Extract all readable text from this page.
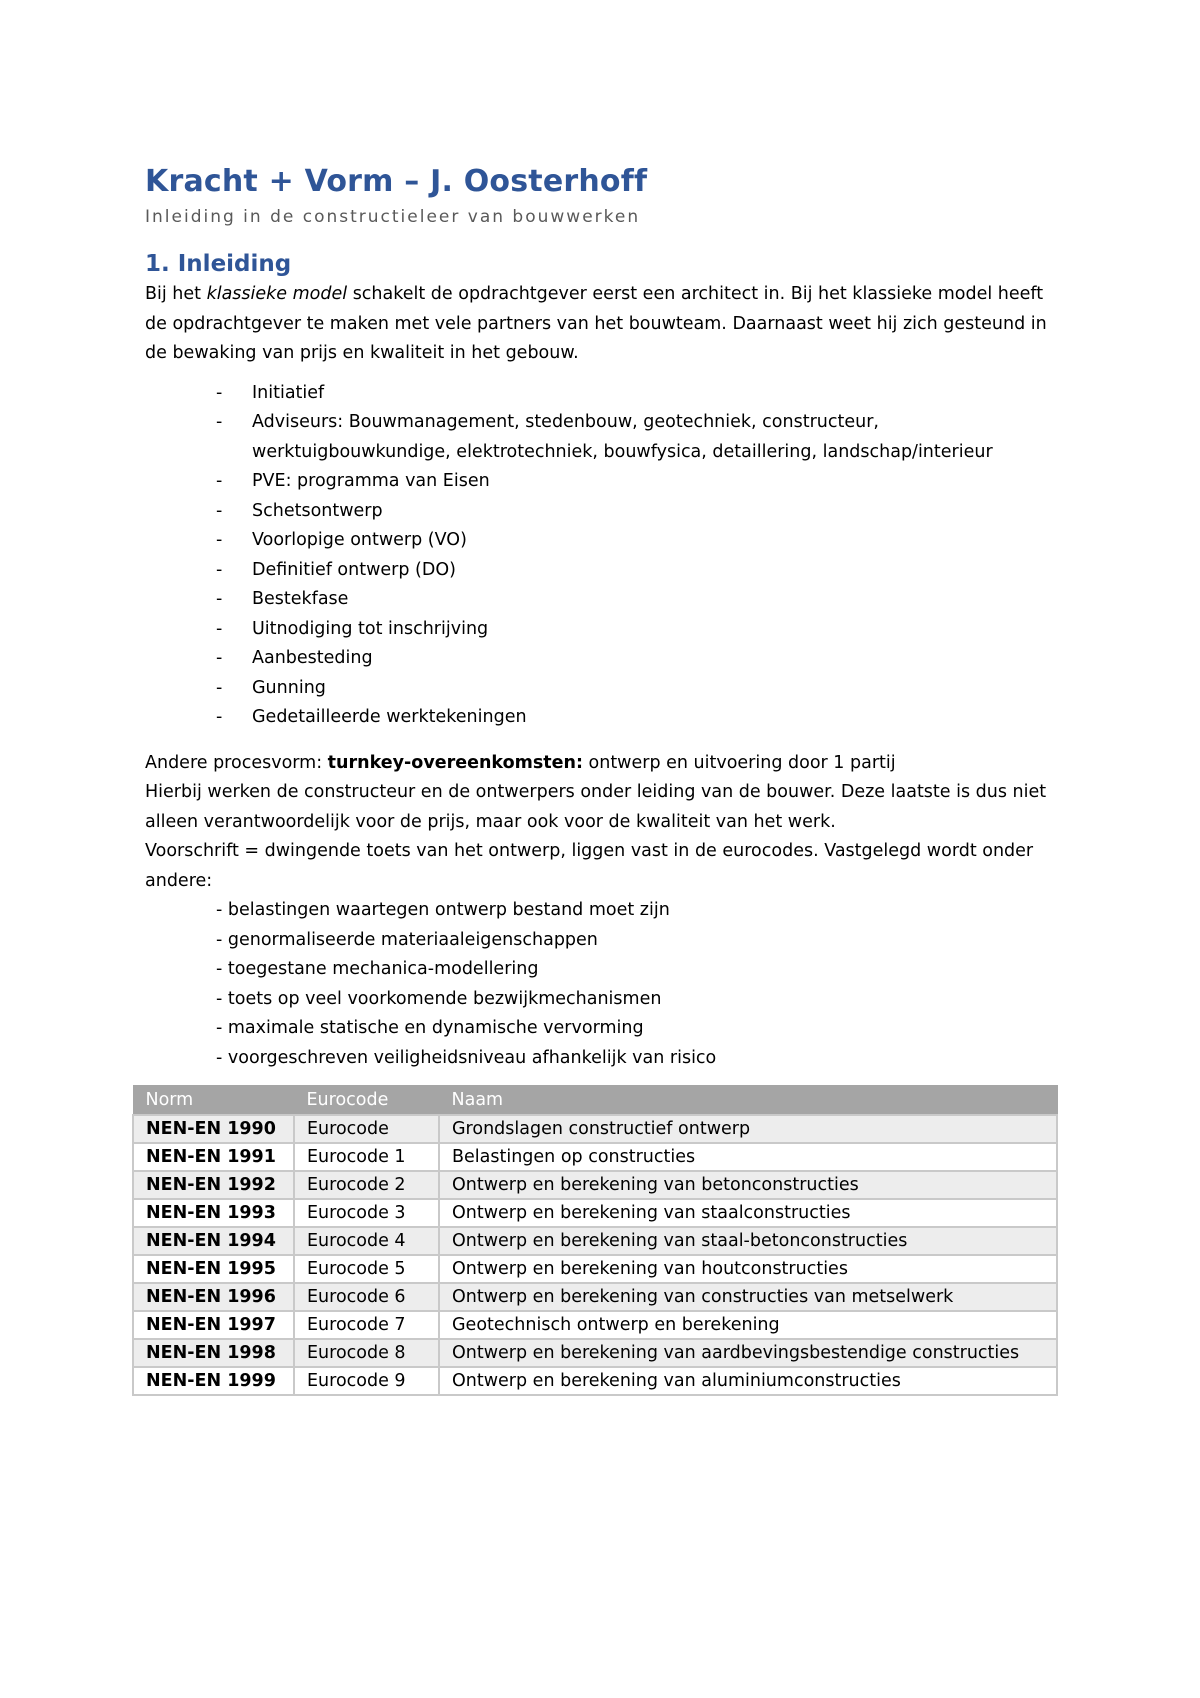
Kracht + Vorm – J. Oosterhoff

Inleiding in de constructieleer van bouwwerken

1. Inleiding

Bij het klassieke model schakelt de opdrachtgever eerst een architect in. Bij het klassieke model heeft de opdrachtgever te maken met vele partners van het bouwteam. Daarnaast weet hij zich gesteund in de bewaking van prijs en kwaliteit in het gebouw.

- Initiatief
- Adviseurs: Bouwmanagement, stedenbouw, geotechniek, constructeur, werktuigbouwkundige, elektrotechniek, bouwfysica, detaillering, landschap/interieur
- PVE: programma van Eisen
- Schetsontwerp
- Voorlopige ontwerp (VO)
- Definitief ontwerp (DO)
- Bestekfase
- Uitnodiging tot inschrijving
- Aanbesteding
- Gunning
- Gedetailleerde werktekeningen

Andere procesvorm: turnkey-overeenkomsten: ontwerp en uitvoering door 1 partij

Hierbij werken de constructeur en de ontwerpers onder leiding van de bouwer. Deze laatste is dus niet alleen verantwoordelijk voor de prijs, maar ook voor de kwaliteit van het werk.

Voorschrift = dwingende toets van het ontwerp, liggen vast in de eurocodes. Vastgelegd wordt onder andere:

- belastingen waartegen ontwerp bestand moet zijn
- genormaliseerde materiaaleigenschappen
- toegestane mechanica-modellering
- toets op veel voorkomende bezwijkmechanismen
- maximale statische en dynamische vervorming
- voorgeschreven veiligheidsniveau afhankelijk van risico
Norm	Eurocode	Naam
NEN-EN 1990	Eurocode	Grondslagen constructief ontwerp
NEN-EN 1991	Eurocode 1	Belastingen op constructies
NEN-EN 1992	Eurocode 2	Ontwerp en berekening van betonconstructies
NEN-EN 1993	Eurocode 3	Ontwerp en berekening van staalconstructies
NEN-EN 1994	Eurocode 4	Ontwerp en berekening van staal-betonconstructies
NEN-EN 1995	Eurocode 5	Ontwerp en berekening van houtconstructies
NEN-EN 1996	Eurocode 6	Ontwerp en berekening van constructies van metselwerk
NEN-EN 1997	Eurocode 7	Geotechnisch ontwerp en berekening
NEN-EN 1998	Eurocode 8	Ontwerp en berekening van aardbevingsbestendige constructies
NEN-EN 1999	Eurocode 9	Ontwerp en berekening van aluminiumconstructies
